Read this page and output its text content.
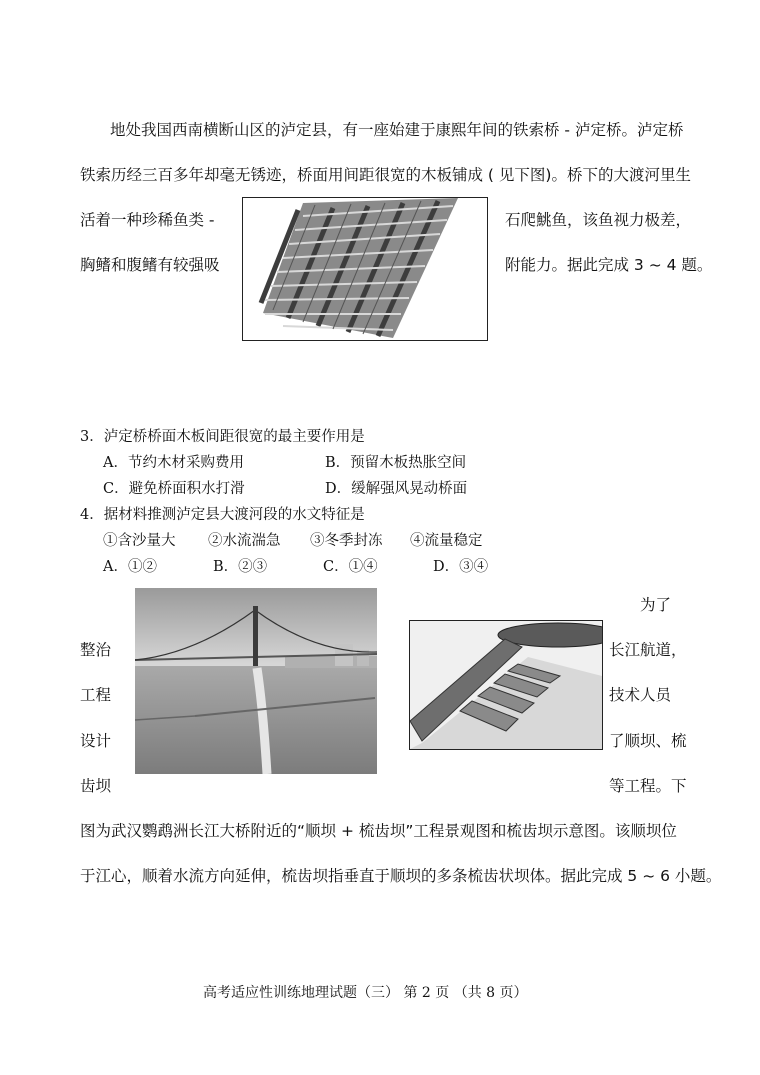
地处我国西南横断山区的泸定县，有一座始建于康熙年间的铁索桥 - 泸定桥。泸定桥
铁索历经三百多年却毫无锈迹，桥面用间距很宽的木板铺成 ( 见下图)。桥下的大渡河里生
活着一种珍稀鱼类 -	石爬鮡鱼，该鱼视力极差，
胸鳍和腹鳍有较强吸	附能力。据此完成 3 ~ 4 题。
3．泸定桥桥面木板间距很宽的最主要作用是
A．节约木材采购费用	B．预留木板热胀空间
C．避免桥面积水打滑	D．缓解强风晃动桥面
4．据材料推测泸定县大渡河段的水文特征是
①含沙量大 ②水流湍急 ③冬季封冻 ④流量稳定
A．①②	B．②③	C．①④	D．③④
为了
整治	长江航道，
工程	技术人员
设计	了顺坝、梳
齿坝	等工程。下
图为武汉鹦鹉洲长江大桥附近的“顺坝 + 梳齿坝”工程景观图和梳齿坝示意图。该顺坝位
于江心，顺着水流方向延伸，梳齿坝指垂直于顺坝的多条梳齿状坝体。据此完成 5 ~ 6 小题。
高考适应性训练地理试题（三） 第 2 页 （共 8 页）
